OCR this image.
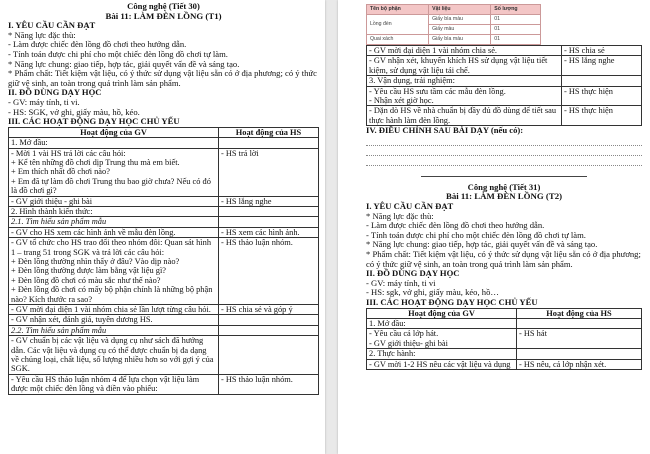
Công nghệ (Tiết 30)
Bài 11: LÀM ĐÈN LỒNG (T1)
I. YÊU CẦU CẦN ĐẠT
* Năng lực đặc thù:
- Làm được chiếc đèn lồng đồ chơi theo hướng dẫn.
- Tính toán được chi phí cho một chiếc đèn lồng đồ chơi tự làm.
* Năng lực chung: giao tiếp, hợp tác, giải quyết vấn đề và sáng tạo.
* Phẩm chất: Tiết kiệm vật liệu, có ý thức sử dụng vật liệu sẵn có ở địa phương; có ý thức giữ vệ sinh, an toàn trong quá trình làm sản phẩm.
II. ĐỒ DÙNG DẠY HỌC
- GV: máy tính, ti vi.
- HS: SGK, vở ghi, giấy màu, hồ, kéo.
III. CÁC HOẠT ĐỘNG DẠY HỌC CHỦ YẾU
Hoạt động của GV	Hoạt động của HS
1. Mở đầu:	
- Mời 1 vài HS trả lời các câu hỏi:
+ Kể tên những đồ chơi dịp Trung thu mà em biết.
+ Em thích nhất đồ chơi nào?
+ Em đã tự làm đồ chơi Trung thu bao giờ chưa? Nếu có đó là đồ chơi gì?	- HS trả lời
- GV giới thiệu - ghi bài	- HS lắng nghe
2. Hình thành kiến thức:	
2.1. Tìm hiểu sản phẩm mẫu	
- GV cho HS xem các hình ảnh về mẫu đèn lồng.	- HS xem các hình ảnh.
- GV tổ chức cho HS trao đổi theo nhóm đôi: Quan sát hình 1 – trang 51 trong SGK và trả lời các câu hỏi:
+ Đèn lồng thường nhìn thấy ở đâu? Vào dịp nào?
+ Đèn lồng thường được làm bằng vật liệu gì?
+ Đèn lồng đồ chơi có màu sắc như thế nào?
+ Đèn lồng đồ chơi có mấy bộ phận chính là những bộ phận nào? Kích thước ra sao?	- HS thảo luận nhóm.
- GV mời đại diện 1 vài nhóm chia sẻ lần lượt từng câu hỏi.	- HS chia sẻ và góp ý
- GV nhận xét, đánh giá, tuyên dương HS.	
2.2. Tìm hiểu sản phẩm mẫu	
- GV chuẩn bị các vật liệu và dụng cụ như sách đã hướng dẫn. Các vật liệu và dụng cụ có thể được chuẩn bị đa dạng về chủng loại, chất liệu, số lượng nhiều hơn so với gợi ý của SGK.	
- Yêu cầu HS thảo luận nhóm 4 để lựa chọn vật liệu làm được một chiếc đèn lồng và điền vào phiếu:	- HS thảo luận nhóm.
Tên bộ phận	Vật liệu	Số lượng
Lồng đèn	Giấy bìa màu	01
	Giấy màu	01
Quai xách	Giấy bìa màu	01
- GV mời đại diện 1 vài nhóm chia sẻ.	- HS chia sẻ
- GV nhận xét, khuyến khích HS sử dụng vật liệu tiết kiệm, sử dụng vật liệu tái chế.	- HS lắng nghe
3. Vận dụng, trải nghiệm:	
- Yêu cầu HS sưu tầm các mẫu đèn lồng.
- Nhận xét giờ học.	- HS thực hiện
- Dặn dò HS về nhà chuẩn bị đầy đủ đồ dùng để tiết sau thực hành làm đèn lồng.	- HS thực hiện
IV. ĐIỀU CHỈNH SAU BÀI DẠY (nếu có):
Công nghệ (Tiết 31)
Bài 11: LÀM ĐÈN LỒNG (T2)
I. YÊU CẦU CẦN ĐẠT
* Năng lực đặc thù:
- Làm được chiếc đèn lồng đồ chơi theo hướng dẫn.
- Tính toán được chi phí cho một chiếc đèn lồng đồ chơi tự làm.
* Năng lực chung: giao tiếp, hợp tác, giải quyết vấn đề và sáng tạo.
* Phẩm chất: Tiết kiệm vật liệu, có ý thức sử dụng vật liệu sẵn có ở địa phương; có ý thức giữ vệ sinh, an toàn trong quá trình làm sản phẩm.
II. ĐỒ DÙNG DẠY HỌC
- GV: máy tính, ti vi
- HS: sgk, vở ghi, giấy màu, kéo, hồ…
III. CÁC HOẠT ĐỘNG DẠY HỌC CHỦ YẾU
Hoạt động của GV	Hoạt động của HS
1. Mở đầu:	
- Yêu cầu cả lớp hát.
- GV giới thiệu- ghi bài	- HS hát
2. Thực hành:	
- GV mời 1-2 HS nêu các vật liệu và dụng	- HS nêu, cả lớp nhận xét.
